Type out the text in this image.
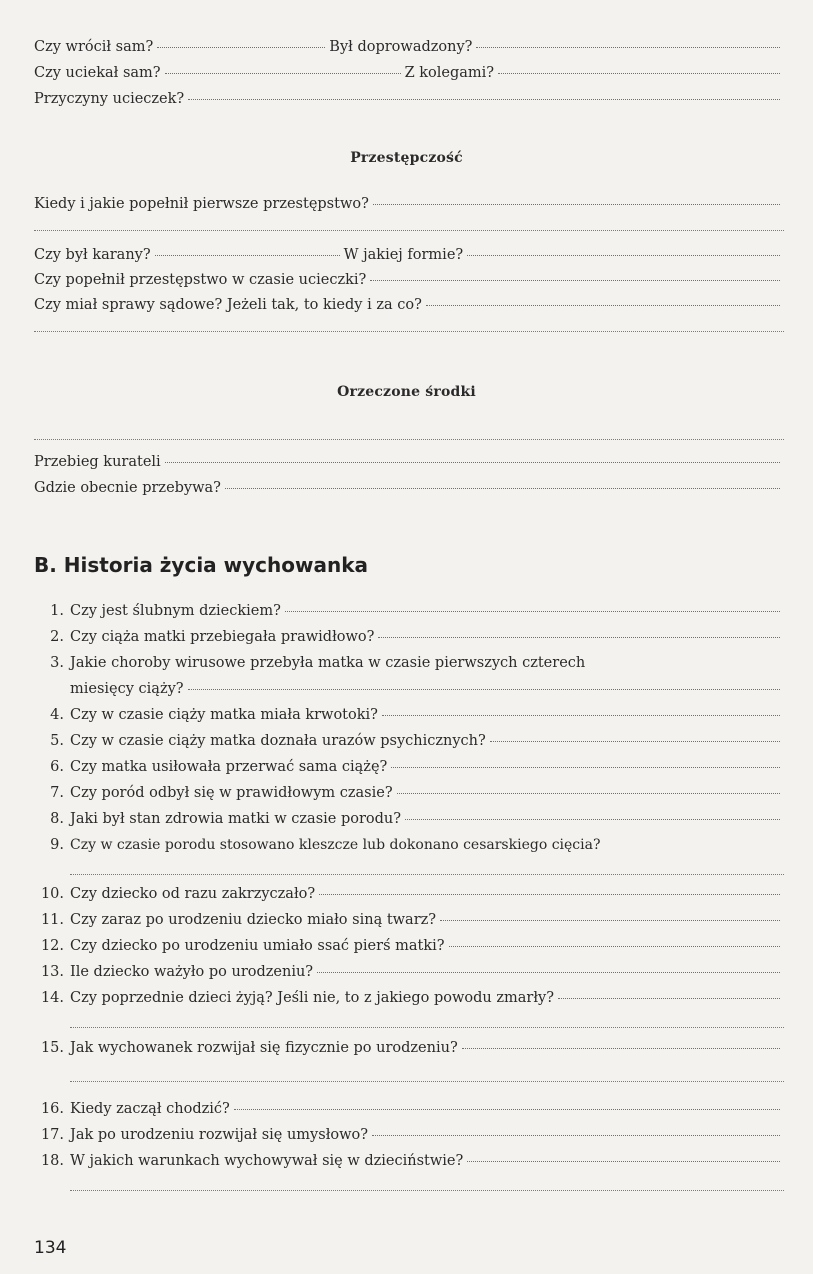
Czy wrócił sam?	Był doprowadzony?
Czy uciekał sam?	Z kolegami?
Przyczyny ucieczek?
Przestępczość
Kiedy i jakie popełnił pierwsze przestępstwo?
Czy był karany?	W jakiej formie?
Czy popełnił przestępstwo w czasie ucieczki?
Czy miał sprawy sądowe? Jeżeli tak, to kiedy i za co?
Orzeczone środki
Przebieg kurateli
Gdzie obecnie przebywa?
B. Historia życia wychowanka
1. Czy jest ślubnym dzieckiem?
2. Czy ciąża matki przebiegała prawidłowo?
3. Jakie choroby wirusowe przebyła matka w czasie pierwszych czterech
miesięcy ciąży?
4. Czy w czasie ciąży matka miała krwotoki?
5. Czy w czasie ciąży matka doznała urazów psychicznych?
6. Czy matka usiłowała przerwać sama ciążę?
7. Czy poród odbył się w prawidłowym czasie?
8. Jaki był stan zdrowia matki w czasie porodu?
9. Czy w czasie porodu stosowano kleszcze lub dokonano cesarskiego cięcia?
10. Czy dziecko od razu zakrzyczało?
11. Czy zaraz po urodzeniu dziecko miało siną twarz?
12. Czy dziecko po urodzeniu umiało ssać pierś matki?
13. Ile dziecko ważyło po urodzeniu?
14. Czy poprzednie dzieci żyją? Jeśli nie, to z jakiego powodu zmarły?
15. Jak wychowanek rozwijał się fizycznie po urodzeniu?
16. Kiedy zaczął chodzić?
17. Jak po urodzeniu rozwijał się umysłowo?
18. W jakich warunkach wychowywał się w dzieciństwie?
134
